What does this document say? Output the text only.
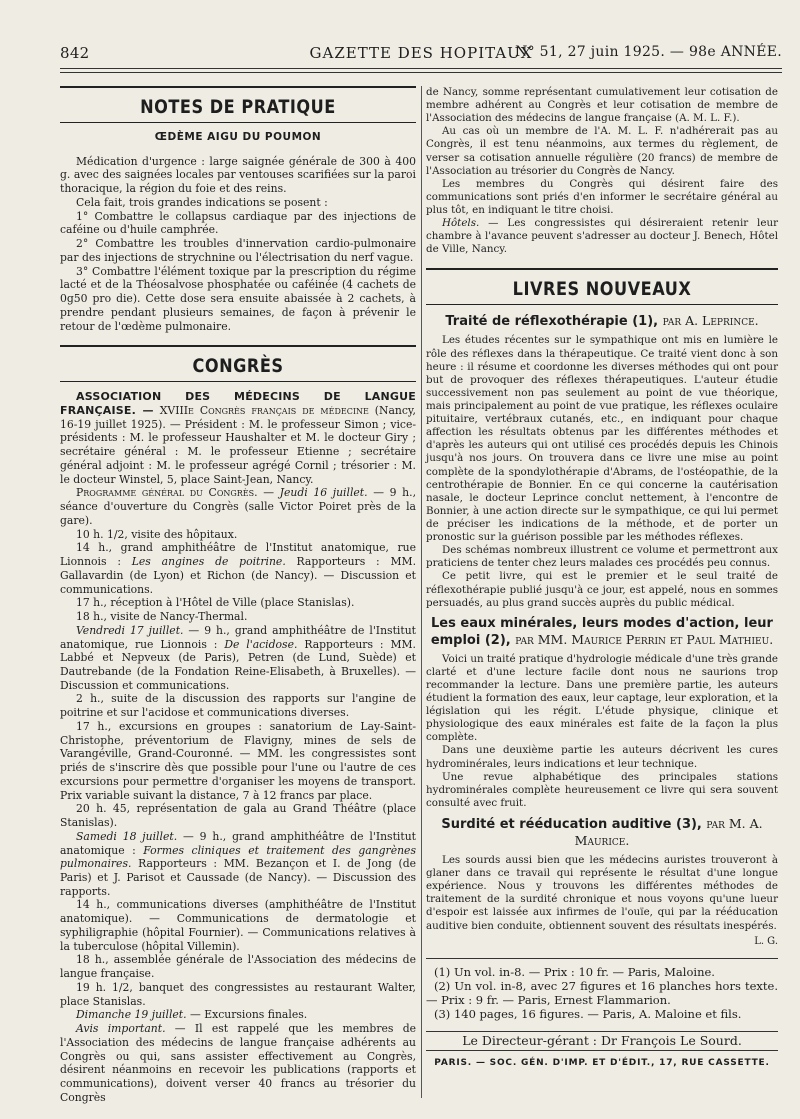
842	GAZETTE DES HOPITAUX
N° 51, 27 juin 1925. — 98e ANNÉE.
NOTES DE PRATIQUE
ŒDÈME AIGU DU POUMON

Médication d'urgence : large saignée générale de 300 à 400 g. avec des saignées locales par ventouses scarifiées sur la paroi thoracique, la région du foie et des reins.

Cela fait, trois grandes indications se posent :

1° Combattre le collapsus cardiaque par des injections de caféine ou d'huile camphrée.

2° Combattre les troubles d'innervation cardio-pulmonaire par des injections de strychnine ou l'électrisation du nerf vague.

3° Combattre l'élément toxique par la prescription du régime lacté et de la Théosalvose phosphatée ou caféinée (4 cachets de 0g50 pro die). Cette dose sera ensuite abaissée à 2 cachets, à prendre pendant plusieurs semaines, de façon à prévenir le retour de l'œdème pulmonaire.

CONGRÈS

ASSOCIATION DES MÉDECINS DE LANGUE FRANÇAISE. — XVIIIe Congrès français de médecine (Nancy, 16-19 juillet 1925). — Président : M. le professeur Simon ; vice-présidents : M. le professeur Haushalter et M. le docteur Giry ; secrétaire général : M. le professeur Etienne ; secrétaire général adjoint : M. le professeur agrégé Cornil ; trésorier : M. le docteur Winstel, 5, place Saint-Jean, Nancy.

Programme général du Congrès. — Jeudi 16 juillet. — 9 h., séance d'ouverture du Congrès (salle Victor Poiret près de la gare).

10 h. 1/2, visite des hôpitaux.

14 h., grand amphithéâtre de l'Institut anatomique, rue Lionnois : Les angines de poitrine. Rapporteurs : MM. Gallavardin (de Lyon) et Richon (de Nancy). — Discussion et communications.

17 h., réception à l'Hôtel de Ville (place Stanislas).

18 h., visite de Nancy-Thermal.

Vendredi 17 juillet. — 9 h., grand amphithéâtre de l'Institut anatomique, rue Lionnois : De l'acidose. Rapporteurs : MM. Labbé et Nepveux (de Paris), Petren (de Lund, Suède) et Dautrebande (de la Fondation Reine-Elisabeth, à Bruxelles). — Discussion et communications.

2 h., suite de la discussion des rapports sur l'angine de poitrine et sur l'acidose et communications diverses.

17 h., excursions en groupes : sanatorium de Lay-Saint-Christophe, préventorium de Flavigny, mines de sels de Varangéville, Grand-Couronné. — MM. les congressistes sont priés de s'inscrire dès que possible pour l'une ou l'autre de ces excursions pour permettre d'organiser les moyens de transport. Prix variable suivant la distance, 7 à 12 francs par place.

20 h. 45, représentation de gala au Grand Théâtre (place Stanislas).

Samedi 18 juillet. — 9 h., grand amphithéâtre de l'Institut anatomique : Formes cliniques et traitement des gangrènes pulmonaires. Rapporteurs : MM. Bezançon et I. de Jong (de Paris) et J. Parisot et Caussade (de Nancy). — Discussion des rapports.

14 h., communications diverses (amphithéâtre de l'Institut anatomique). — Communications de dermatologie et syphiligraphie (hôpital Fournier). — Communications relatives à la tuberculose (hôpital Villemin).

18 h., assemblée générale de l'Association des médecins de langue française.

19 h. 1/2, banquet des congressistes au restaurant Walter, place Stanislas.

Dimanche 19 juillet. — Excursions finales.

Avis important. — Il est rappelé que les membres de l'Association des médecins de langue française adhérents au Congrès ou qui, sans assister effectivement au Congrès, désirent néanmoins en recevoir les publications (rapports et communications), doivent verser 40 francs au trésorier du Congrès

de Nancy, somme représentant cumulativement leur cotisation de membre adhérent au Congrès et leur cotisation de membre de l'Association des médecins de langue française (A. M. L. F.).

Au cas où un membre de l'A. M. L. F. n'adhérerait pas au Congrès, il est tenu néanmoins, aux termes du règlement, de verser sa cotisation annuelle régulière (20 francs) de membre de l'Association au trésorier du Congrès de Nancy.

Les membres du Congrès qui désirent faire des communications sont priés d'en informer le secrétaire général au plus tôt, en indiquant le titre choisi.

Hôtels. — Les congressistes qui désireraient retenir leur chambre à l'avance peuvent s'adresser au docteur J. Benech, Hôtel de Ville, Nancy.

LIVRES NOUVEAUX
Traité de réflexothérapie (1), par A. Leprince.

Les études récentes sur le sympathique ont mis en lumière le rôle des réflexes dans la thérapeutique. Ce traité vient donc à son heure : il résume et coordonne les diverses méthodes qui ont pour but de provoquer des réflexes thérapeutiques. L'auteur étudie successivement non pas seulement au point de vue théorique, mais principalement au point de vue pratique, les réflexes oculaire pituitaire, vertébraux cutanés, etc., en indiquant pour chaque affection les résultats obtenus par les différentes méthodes et d'après les auteurs qui ont utilisé ces procédés depuis les Chinois jusqu'à nos jours. On trouvera dans ce livre une mise au point complète de la spondylothérapie d'Abrams, de l'ostéopathie, de la centrothérapie de Bonnier. En ce qui concerne la cautérisation nasale, le docteur Leprince conclut nettement, à l'encontre de Bonnier, à une action directe sur le sympathique, ce qui lui permet de préciser les indications de la méthode, et de porter un pronostic sur la guérison possible par les méthodes réflexes.

Des schémas nombreux illustrent ce volume et permettront aux praticiens de tenter chez leurs malades ces procédés peu connus.

Ce petit livre, qui est le premier et le seul traité de réflexothérapie publié jusqu'à ce jour, est appelé, nous en sommes persuadés, au plus grand succès auprès du public médical.

Les eaux minérales, leurs modes d'action, leur emploi (2), par MM. Maurice Perrin et Paul Mathieu.

Voici un traité pratique d'hydrologie médicale d'une très grande clarté et d'une lecture facile dont nous ne saurions trop recommander la lecture. Dans une première partie, les auteurs étudient la formation des eaux, leur captage, leur exploration, et la législation qui les régit. L'étude physique, clinique et physiologique des eaux minérales est faite de la façon la plus complète.

Dans une deuxième partie les auteurs décrivent les cures hydrominérales, leurs indications et leur technique.

Une revue alphabétique des principales stations hydrominérales complète heureusement ce livre qui sera souvent consulté avec fruit.

Surdité et rééducation auditive (3), par M. A. Maurice.

Les sourds aussi bien que les médecins auristes trouveront à glaner dans ce travail qui représente le résultat d'une longue expérience. Nous y trouvons les différentes méthodes de traitement de la surdité chronique et nous voyons qu'une lueur d'espoir est laissée aux infirmes de l'ouïe, qui par la rééducation auditive bien conduite, obtiennent souvent des résultats inespérés.

L. G.

(1) Un vol. in-8. — Prix : 10 fr. — Paris, Maloine.

(2) Un vol. in-8, avec 27 figures et 16 planches hors texte. — Prix : 9 fr. — Paris, Ernest Flammarion.

(3) 140 pages, 16 figures. — Paris, A. Maloine et fils.

Le Directeur-gérant : Dr François Le Sourd.
PARIS. — SOC. GÉN. D'IMP. ET D'ÉDIT., 17, RUE CASSETTE.
